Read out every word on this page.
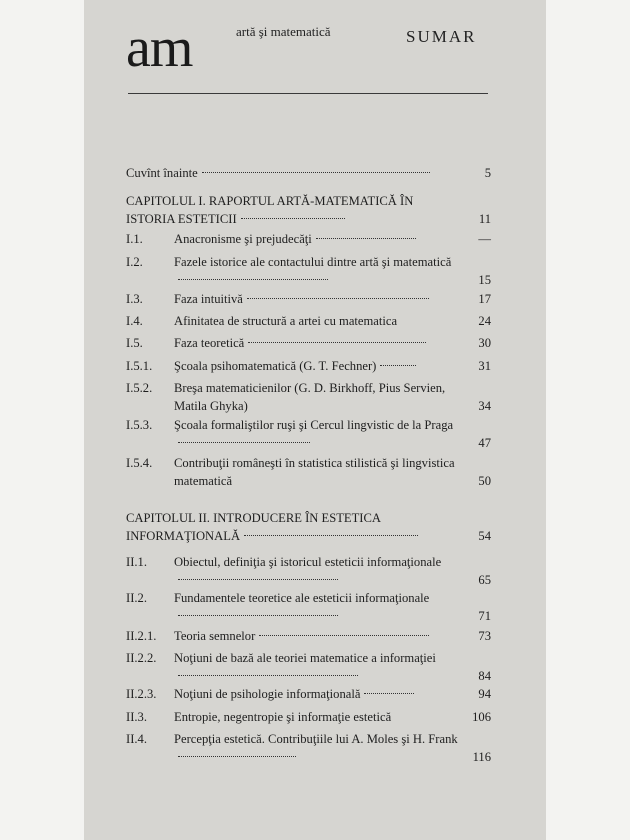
am	artă şi matematică	SUMAR
Cuvînt înainte	5
CAPITOLUL I. RAPORTUL ARTĂ-MATEMATICĂ ÎN ISTORIA ESTETICII	11
I.1. Anacronisme şi prejudecăţi	—
I.2. Fazele istorice ale contactului dintre artă şi matematică
15
I.3. Faza intuitivă	17
I.4. Afinitatea de structură a artei cu matematica	24
I.5. Faza teoretică	30
I.5.1. Şcoala psihomatematică (G. T. Fechner)	31
I.5.2. Breşa matematicienilor (G. D. Birkhoff, Pius Servien, Matila Ghyka)	34
I.5.3. Şcoala formaliştilor ruşi şi Cercul lingvistic de la Praga
47
I.5.4. Contribuţii româneşti în statistica stilistică şi lingvistica matematică	50
CAPITOLUL II. INTRODUCERE ÎN ESTETICA INFORMAŢIONALĂ	54
II.1. Obiectul, definiţia şi istoricul esteticii informaţionale
65
II.2. Fundamentele teoretice ale esteticii informaţionale
71
II.2.1. Teoria semnelor	73
II.2.2. Noţiuni de bază ale teoriei matematice a informaţiei
84
II.2.3. Noţiuni de psihologie informaţională	94
II.3. Entropie, negentropie şi informaţie estetică	106
II.4. Percepţia estetică. Contribuţiile lui A. Moles şi H. Frank
116
